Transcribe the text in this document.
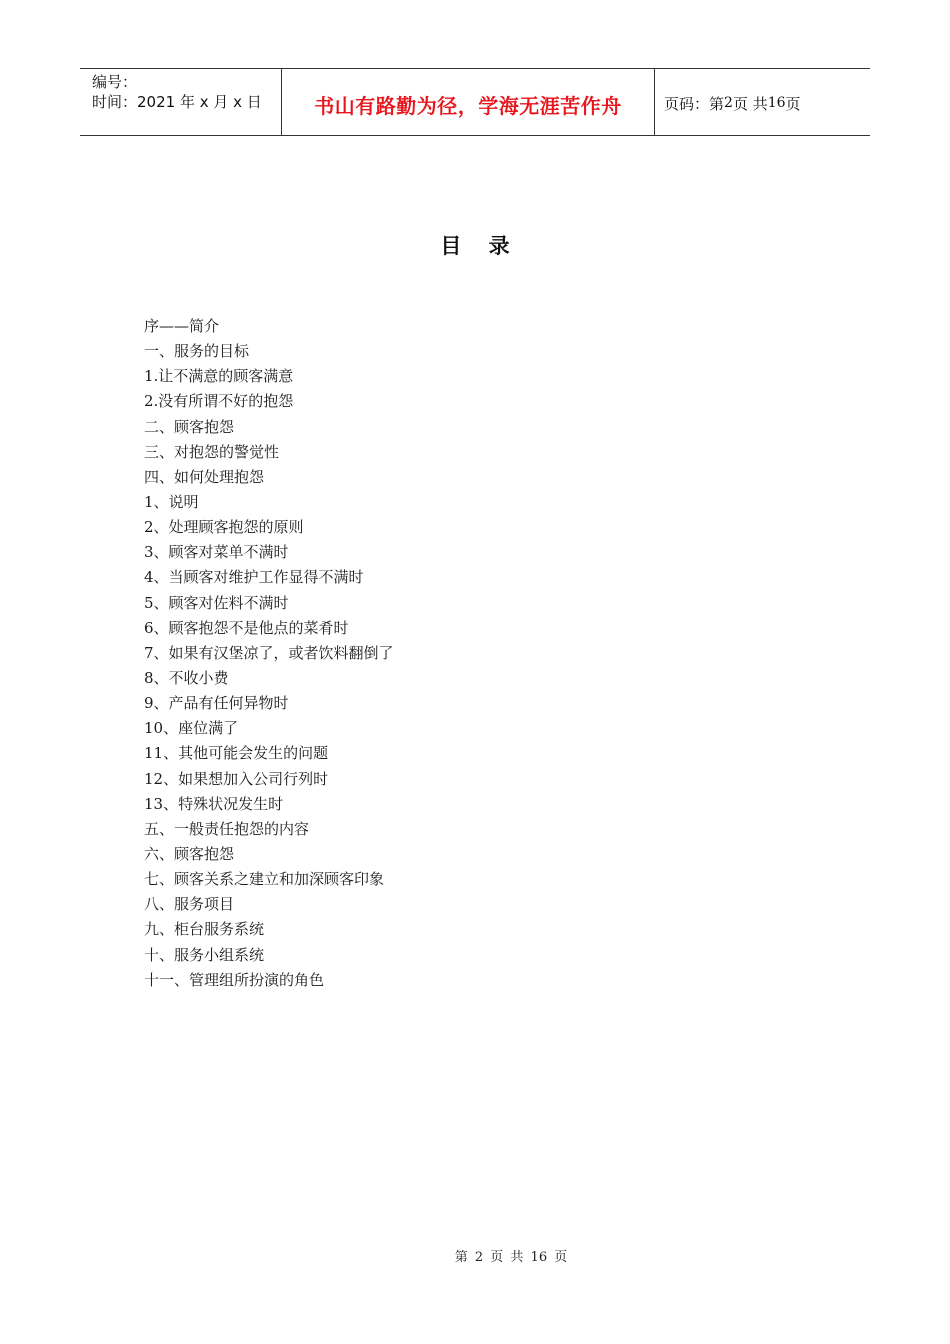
编号：
时间：2021 年 x 月 x 日	书山有路勤为径，学海无涯苦作舟	页码：第 2 页 共 16 页
目 录
序——简介
一、服务的目标
1.让不满意的顾客满意
2.没有所谓不好的抱怨
二、顾客抱怨
三、对抱怨的警觉性
四、如何处理抱怨
1、说明
2、处理顾客抱怨的原则
3、顾客对菜单不满时
4、当顾客对维护工作显得不满时
5、顾客对佐料不满时
6、顾客抱怨不是他点的菜肴时
7、如果有汉堡凉了，或者饮料翻倒了
8、不收小费
9、产品有任何异物时
10、座位满了
11、其他可能会发生的问题
12、如果想加入公司行列时
13、特殊状况发生时
五、一般责任抱怨的内容
六、顾客抱怨
七、顾客关系之建立和加深顾客印象
八、服务项目
九、柜台服务系统
十、服务小组系统
十一、管理组所扮演的角色
第 2 页 共 16 页
